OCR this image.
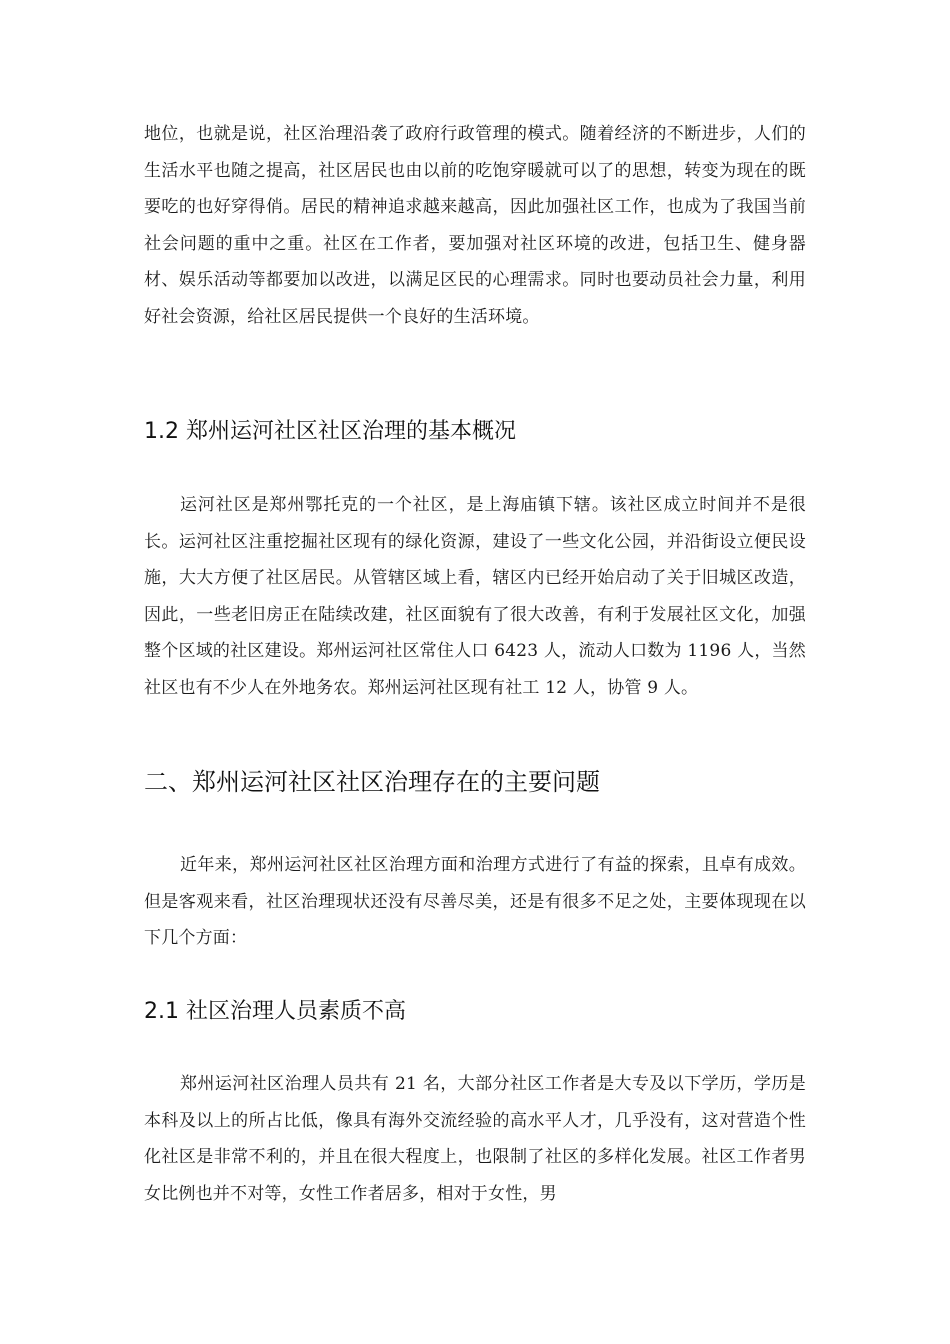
地位，也就是说，社区治理沿袭了政府行政管理的模式。随着经济的不断进步，人们的生活水平也随之提高，社区居民也由以前的吃饱穿暖就可以了的思想，转变为现在的既要吃的也好穿得俏。居民的精神追求越来越高，因此加强社区工作，也成为了我国当前社会问题的重中之重。社区在工作者，要加强对社区环境的改进，包括卫生、健身器材、娱乐活动等都要加以改进，以满足区民的心理需求。同时也要动员社会力量，利用好社会资源，给社区居民提供一个良好的生活环境。

1.2 郑州运河社区社区治理的基本概况

运河社区是郑州鄂托克的一个社区，是上海庙镇下辖。该社区成立时间并不是很长。运河社区注重挖掘社区现有的绿化资源，建设了一些文化公园，并沿街设立便民设施，大大方便了社区居民。从管辖区域上看，辖区内已经开始启动了关于旧城区改造，因此，一些老旧房正在陆续改建，社区面貌有了很大改善，有利于发展社区文化，加强整个区域的社区建设。郑州运河社区常住人口 6423 人，流动人口数为 1196 人，当然社区也有不少人在外地务农。郑州运河社区现有社工 12 人，协管 9 人。

二、郑州运河社区社区治理存在的主要问题

近年来，郑州运河社区社区治理方面和治理方式进行了有益的探索，且卓有成效。但是客观来看，社区治理现状还没有尽善尽美，还是有很多不足之处，主要体现现在以下几个方面：

2.1 社区治理人员素质不高

郑州运河社区治理人员共有 21 名，大部分社区工作者是大专及以下学历，学历是本科及以上的所占比低，像具有海外交流经验的高水平人才，几乎没有，这对营造个性化社区是非常不利的，并且在很大程度上，也限制了社区的多样化发展。社区工作者男女比例也并不对等，女性工作者居多，相对于女性，男
